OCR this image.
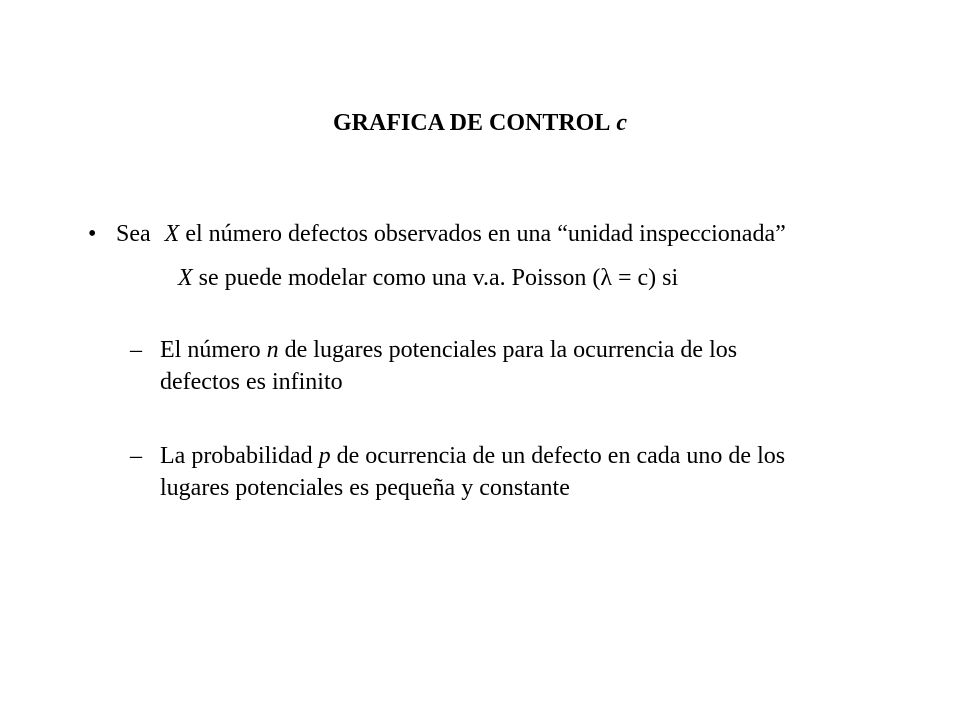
GRAFICA DE CONTROL c
• Sea X el número defectos observados en una “unidad inspeccionada”
X se puede modelar como una v.a. Poisson (λ = c) si
– El número n de lugares potenciales para la ocurrencia de los
defectos es infinito
– La probabilidad p de ocurrencia de un defecto en cada uno de los
lugares potenciales es pequeña y constante
